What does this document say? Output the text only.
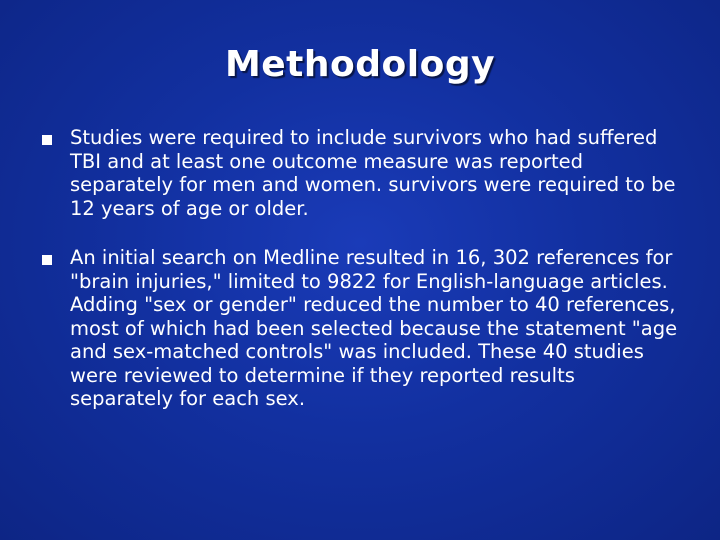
Methodology
Studies were required to include survivors who had suffered TBI and at least one outcome measure was reported separately for men and women. survivors were required to be 12 years of age or older.
An initial search on Medline resulted in 16, 302 references for "brain injuries," limited to 9822 for English-language articles. Adding "sex or gender" reduced the number to 40 references, most of which had been selected because the statement "age and sex-matched controls" was included. These 40 studies were reviewed to determine if they reported results separately for each sex.
